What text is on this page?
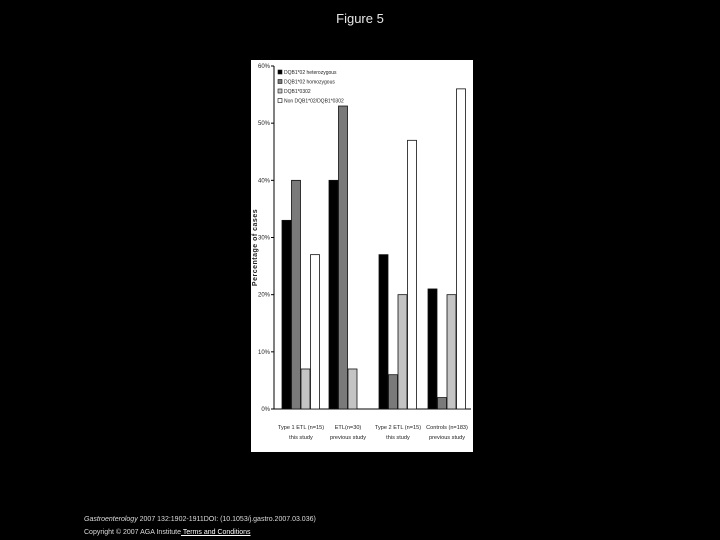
Figure 5
0%
10%
20%
30%
40%
50%
60%
Percentage of cases
Type 1 ETL (n=15)
this study
ETL(n=30)
previous study
Type 2 ETL (n=15)
this study
Controls (n=183)
previous study
DQB1*02 heterozygous
DQB1*02 homozygous
DQB1*0302
Non DQB1*02/DQB1*0302
Gastroenterology 2007 132:1902-1911DOI: (10.1053/j.gastro.2007.03.036)
Copyright © 2007 AGA Institute Terms and Conditions
